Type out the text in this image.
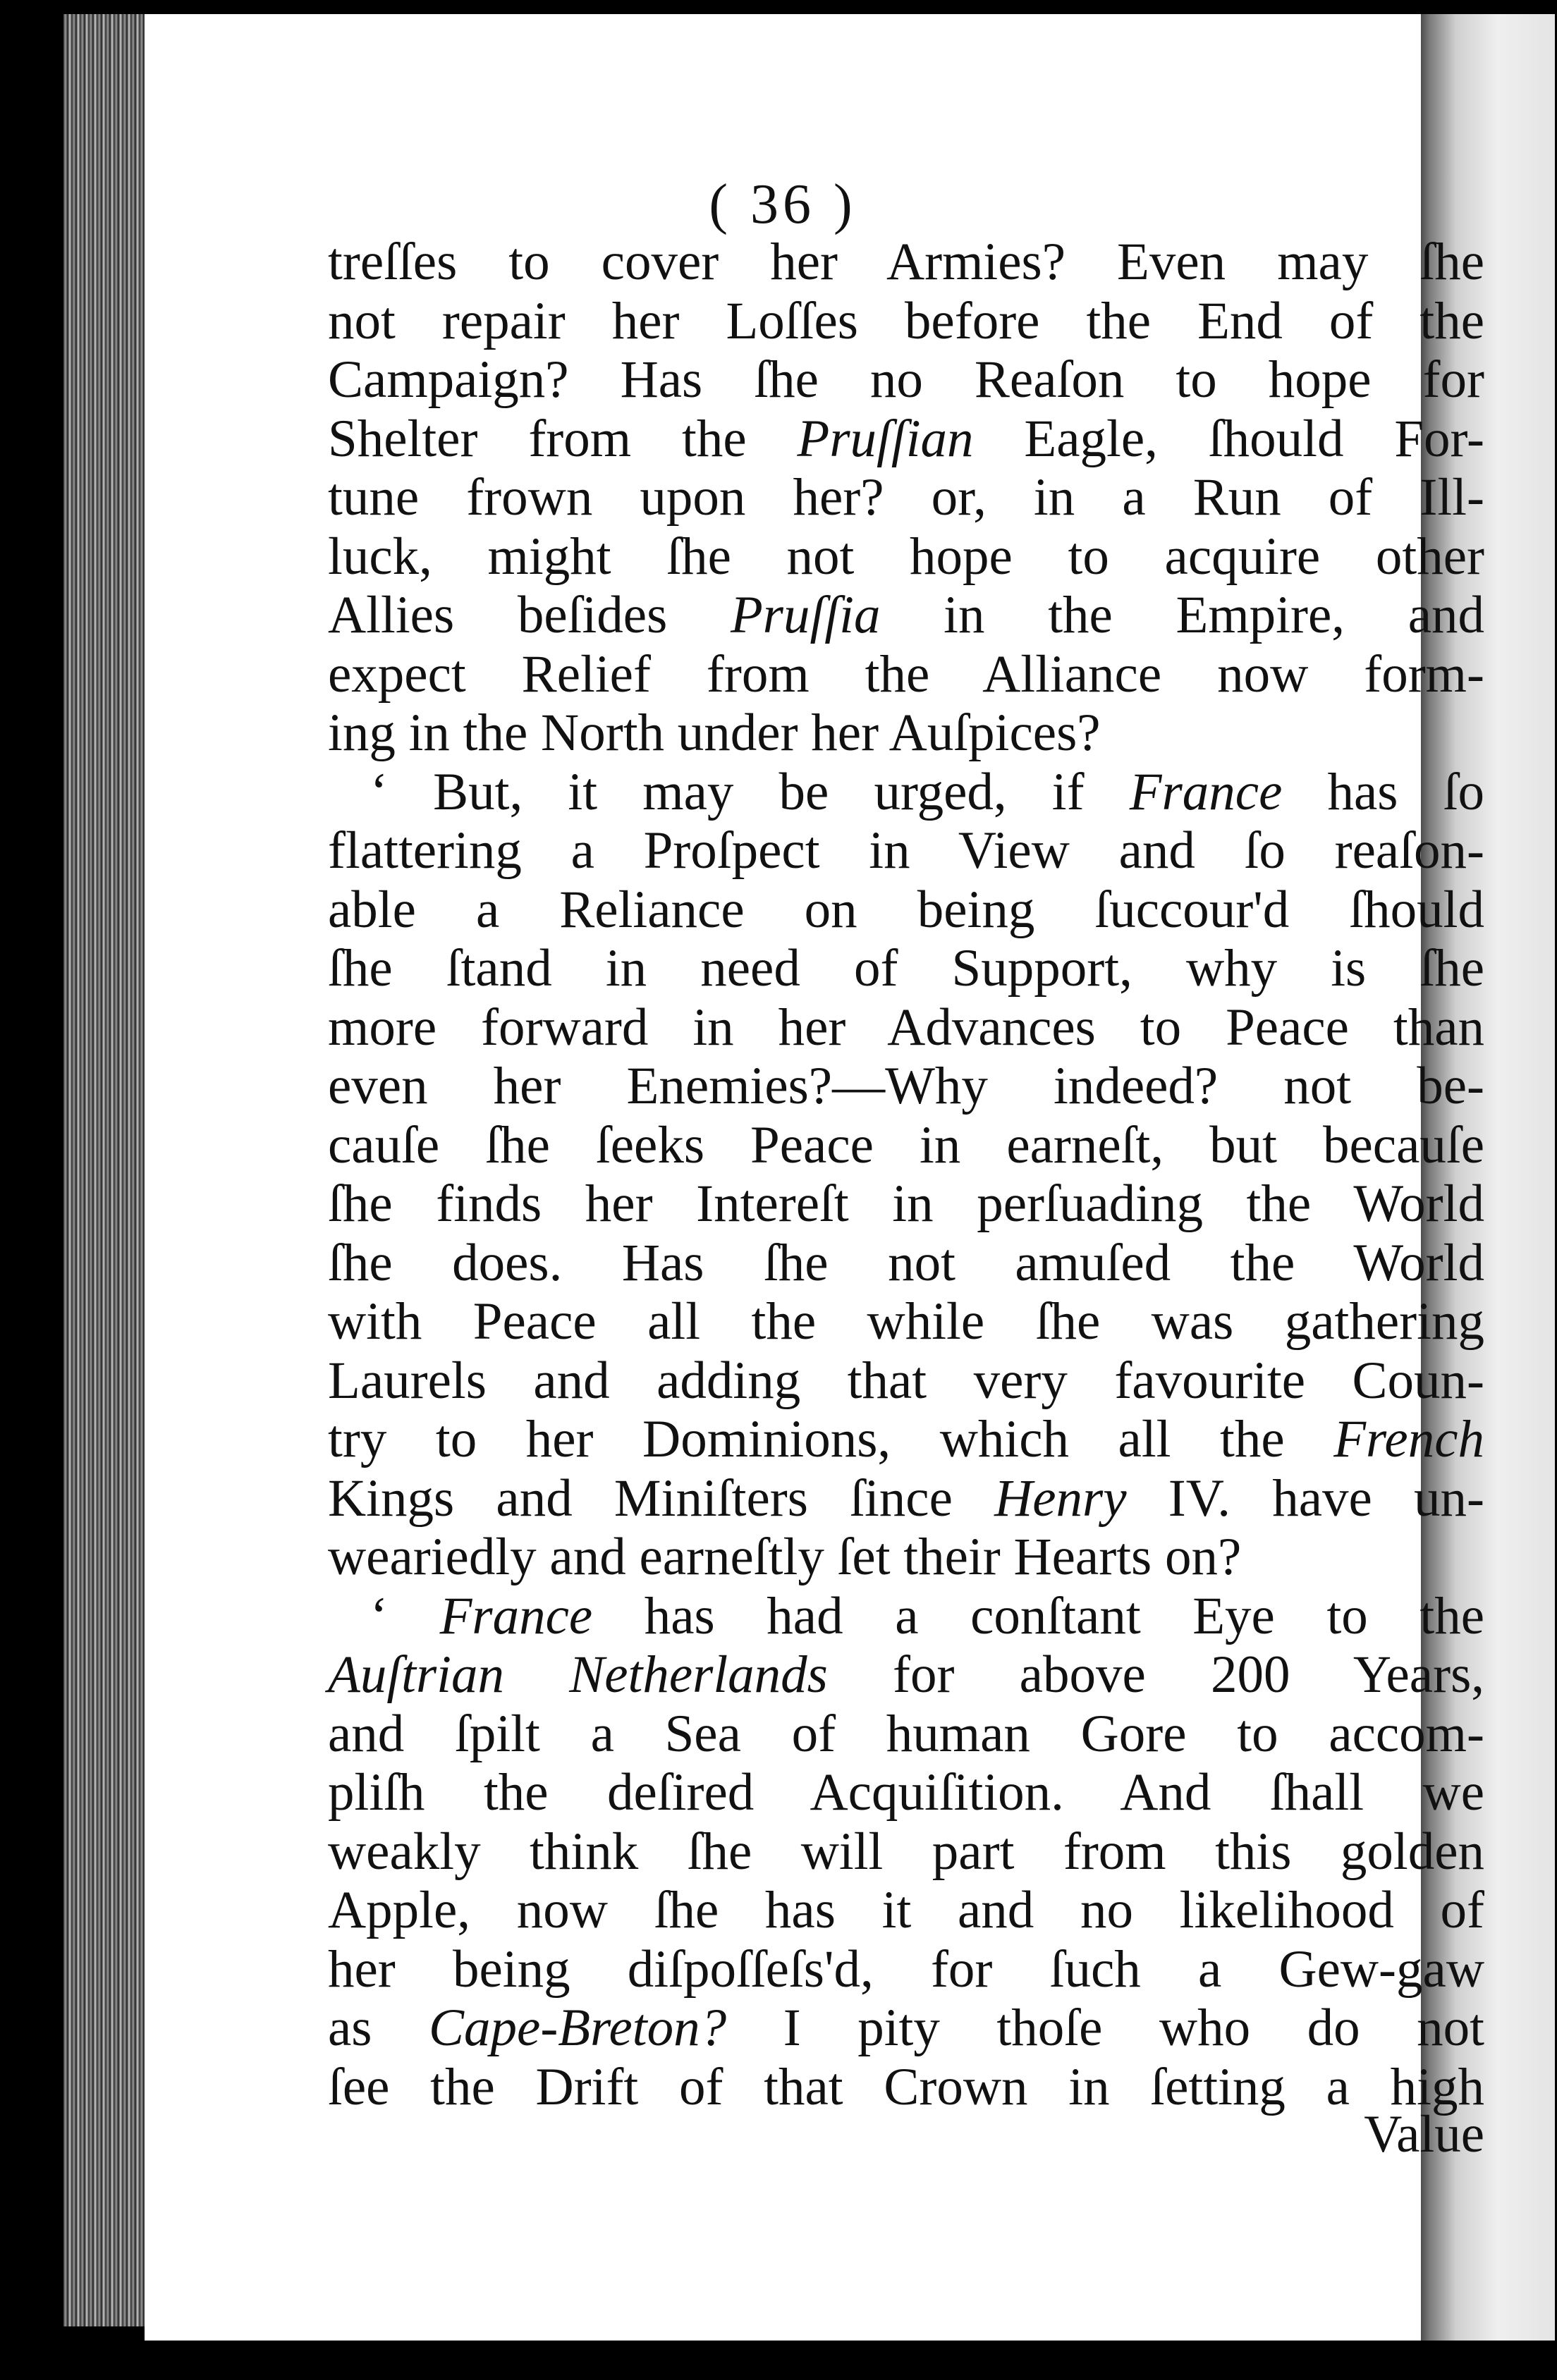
( 36 )
treſſes to cover her Armies? Even may ſhe
not repair her Loſſes before the End of the
Campaign? Has ſhe no Reaſon to hope for
Shelter from the Pruſſian Eagle, ſhould For-
tune frown upon her? or, in a Run of Ill-
luck, might ſhe not hope to acquire other
Allies beſides Pruſſia in the Empire, and
expect Relief from the Alliance now form-
ing in the North under her Auſpices?
‘ But, it may be urged, if France has ſo
flattering a Proſpect in View and ſo reaſon-
able a Reliance on being ſuccour'd ſhould
ſhe ſtand in need of Support, why is ſhe
more forward in her Advances to Peace than
even her Enemies?—Why indeed? not be-
cauſe ſhe ſeeks Peace in earneſt, but becauſe
ſhe finds her Intereſt in perſuading the World
ſhe does. Has ſhe not amuſed the World
with Peace all the while ſhe was gathering
Laurels and adding that very favourite Coun-
try to her Dominions, which all the French
Kings and Miniſters ſince Henry IV. have un-
weariedly and earneſtly ſet their Hearts on?
‘ France has had a conſtant Eye to the
Auſtrian Netherlands for above 200 Years,
and ſpilt a Sea of human Gore to accom-
pliſh the deſired Acquiſition. And ſhall we
weakly think ſhe will part from this golden
Apple, now ſhe has it and no likelihood of
her being diſpoſſeſs'd, for ſuch a Gew-gaw
as Cape-Breton? I pity thoſe who do not
ſee the Drift of that Crown in ſetting a high
Value
